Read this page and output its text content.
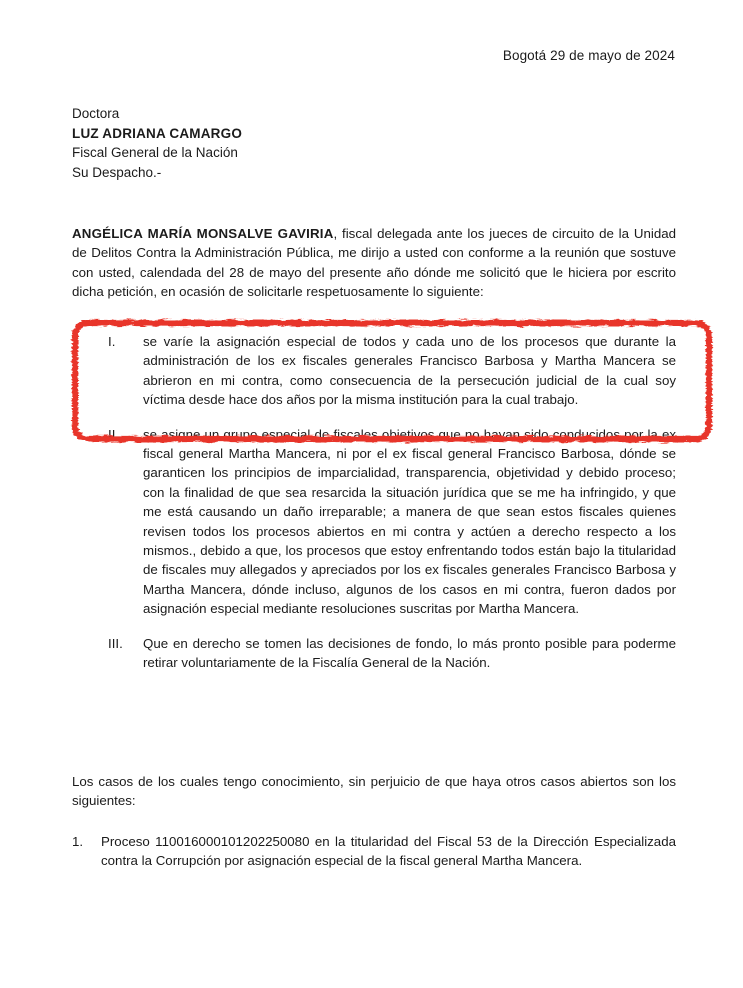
Bogotá 29 de mayo de 2024
Doctora
LUZ ADRIANA CAMARGO
Fiscal General de la Nación
Su Despacho.-

ANGÉLICA MARÍA MONSALVE GAVIRIA, fiscal delegada ante los jueces de circuito de la Unidad de Delitos Contra la Administración Pública, me dirijo a usted con conforme a la reunión que sostuve con usted, calendada del 28 de mayo del presente año dónde me solicitó que le hiciera por escrito dicha petición, en ocasión de solicitarle respetuosamente lo siguiente:

I.	se varíe la asignación especial de todos y cada uno de los procesos que durante la administración de los ex fiscales generales Francisco Barbosa y Martha Mancera se abrieron en mi contra, como consecuencia de la persecución judicial de la cual soy víctima desde hace dos años por la misma institución para la cual trabajo.
II.	se asigne un grupo especial de fiscales objetivos que no hayan sido conducidos por la ex fiscal general Martha Mancera, ni por el ex fiscal general Francisco Barbosa, dónde se garanticen los principios de imparcialidad, transparencia, objetividad y debido proceso; con la finalidad de que sea resarcida la situación jurídica que se me ha infringido, y que me está causando un daño irreparable; a manera de que sean estos fiscales quienes revisen todos los procesos abiertos en mi contra y actúen a derecho respecto a los mismos., debido a que, los procesos que estoy enfrentando todos están bajo la titularidad de fiscales muy allegados y apreciados por los ex fiscales generales Francisco Barbosa y Martha Mancera, dónde incluso, algunos de los casos en mi contra, fueron dados por asignación especial mediante resoluciones suscritas por Martha Mancera.
III.	Que en derecho se tomen las decisiones de fondo, lo más pronto posible para poderme retirar voluntariamente de la Fiscalía General de la Nación.

Los casos de los cuales tengo conocimiento, sin perjuicio de que haya otros casos abiertos son los siguientes:

1.	Proceso 110016000101202250080 en la titularidad del Fiscal 53 de la Dirección Especializada contra la Corrupción por asignación especial de la fiscal general Martha Mancera.
